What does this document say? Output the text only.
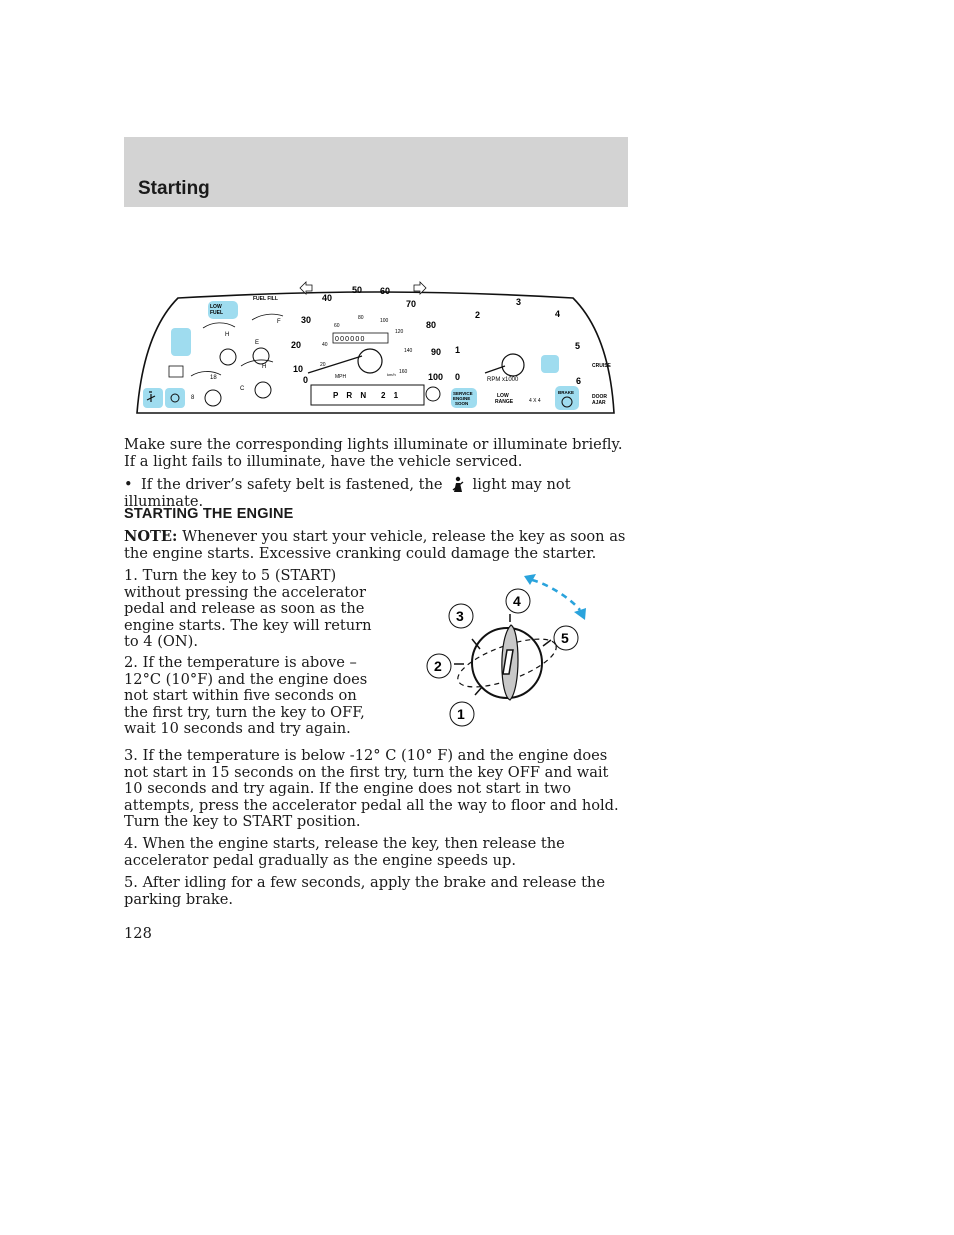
Starting
H
F
E
18
8
H
C
LOW
FUEL
FUEL FILL
000000
0
10
20
30
40
50 60
70
80
90
100
20
40
60
80	100
120
140
160
MPH	km/h
P R N 2 1
0
1
2
3
4
5
6
RPM x1000
CRUISE
SERVICE
ENGINE
SOON
LOW
RANGE	4 X 4
BRAKE
DOOR
AJAR
Make sure the corresponding lights illuminate or illuminate briefly. If a light fails to illuminate, have the vehicle serviced.
• If the driver’s safety belt is fastened, the light may not illuminate.
STARTING THE ENGINE
NOTE: Whenever you start your vehicle, release the key as soon as the engine starts. Excessive cranking could damage the starter.
1. Turn the key to 5 (START) without pressing the accelerator pedal and release as soon as the engine starts. The key will return to 4 (ON).
2. If the temperature is above –12°C (10°F) and the engine does not start within five seconds on the first try, turn the key to OFF, wait 10 seconds and try again.
1
2
3
4
5
3. If the temperature is below -12° C (10° F) and the engine does not start in 15 seconds on the first try, turn the key OFF and wait 10 seconds and try again. If the engine does not start in two attempts, press the accelerator pedal all the way to floor and hold. Turn the key to START position.
4. When the engine starts, release the key, then release the accelerator pedal gradually as the engine speeds up.
5. After idling for a few seconds, apply the brake and release the parking brake.
128
